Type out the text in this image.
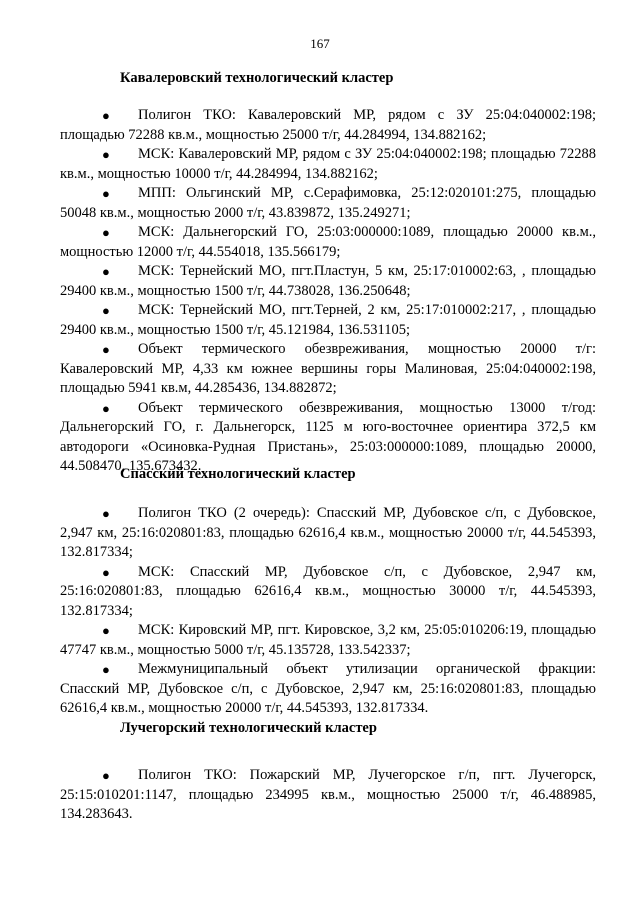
167
Кавалеровский технологический кластер
● Полигон ТКО: Кавалеровский МР, рядом с ЗУ 25:04:040002:198; площадью 72288 кв.м., мощностью 25000 т/г, 44.284994, 134.882162;
● МСК: Кавалеровский МР, рядом с ЗУ 25:04:040002:198; площадью 72288 кв.м., мощностью 10000 т/г, 44.284994, 134.882162;
● МПП: Ольгинский МР, с.Серафимовка, 25:12:020101:275, площадью 50048 кв.м., мощностью 2000 т/г, 43.839872, 135.249271;
● МСК: Дальнегорский ГО, 25:03:000000:1089, площадью 20000 кв.м., мощностью 12000 т/г, 44.554018, 135.566179;
● МСК: Тернейский МО, пгт.Пластун, 5 км, 25:17:010002:63, , площадью 29400 кв.м., мощностью 1500 т/г, 44.738028, 136.250648;
● МСК: Тернейский МО, пгт.Терней, 2 км, 25:17:010002:217, , площадью 29400 кв.м., мощностью 1500 т/г, 45.121984, 136.531105;
● Объект термического обезвреживания, мощностью 20000 т/г: Кавалеровский МР, 4,33 км южнее вершины горы Малиновая, 25:04:040002:198, площадью 5941 кв.м, 44.285436, 134.882872;
● Объект термического обезвреживания, мощностью 13000 т/год: Дальнегорский ГО, г. Дальнегорск, 1125 м юго-восточнее ориентира 372,5 км автодороги «Осиновка-Рудная Пристань», 25:03:000000:1089, площадью 20000, 44.508470, 135.673432.
Спасский технологический кластер
● Полигон ТКО (2 очередь): Спасский МР, Дубовское с/п, с Дубовское, 2,947 км, 25:16:020801:83, площадью 62616,4 кв.м., мощностью 20000 т/г, 44.545393, 132.817334;
● МСК: Спасский МР, Дубовское с/п, с Дубовское, 2,947 км, 25:16:020801:83, площадью 62616,4 кв.м., мощностью 30000 т/г, 44.545393, 132.817334;
● МСК: Кировский МР, пгт. Кировское, 3,2 км, 25:05:010206:19, площадью 47747 кв.м., мощностью 5000 т/г, 45.135728, 133.542337;
● Межмуниципальный объект утилизации органической фракции: Спасский МР, Дубовское с/п, с Дубовское, 2,947 км, 25:16:020801:83, площадью 62616,4 кв.м., мощностью 20000 т/г, 44.545393, 132.817334.
Лучегорский технологический кластер
● Полигон ТКО: Пожарский МР, Лучегорское г/п, пгт. Лучегорск, 25:15:010201:1147, площадью 234995 кв.м., мощностью 25000 т/г, 46.488985, 134.283643.
